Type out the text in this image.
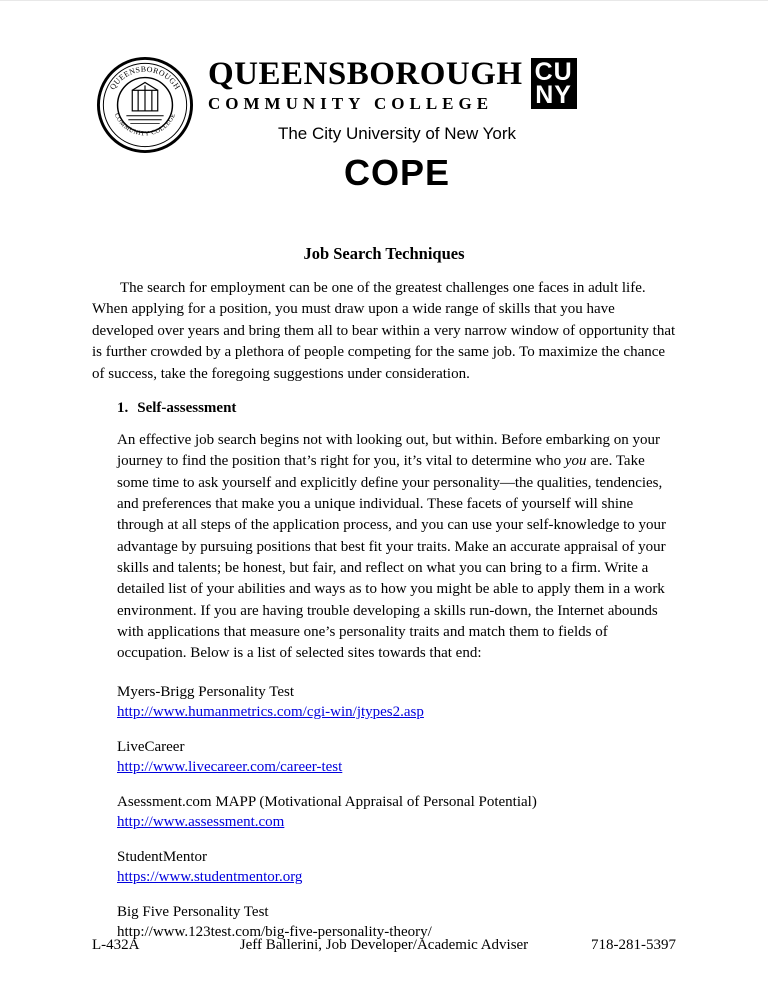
QUEENSBOROUGH
COMMUNITY COLLEGE
QUEENSBOROUGH
COMMUNITY COLLEGE
CU
NY
The City University of New York
COPE
Job Search Techniques

The search for employment can be one of the greatest challenges one faces in adult life. When applying for a position, you must draw upon a wide range of skills that you have developed over years and bring them all to bear within a very narrow window of opportunity that is further crowded by a plethora of people competing for the same job. To maximize the chance of success, take the foregoing suggestions under consideration.

1. Self-assessment

An effective job search begins not with looking out, but within. Before embarking on your journey to find the position that’s right for you, it’s vital to determine who you are. Take some time to ask yourself and explicitly define your personality—the qualities, tendencies, and preferences that make you a unique individual. These facets of yourself will shine through at all steps of the application process, and you can use your self-knowledge to your advantage by pursuing positions that best fit your traits. Make an accurate appraisal of your skills and talents; be honest, but fair, and reflect on what you can bring to a firm. Write a detailed list of your abilities and ways as to how you might be able to apply them in a work environment. If you are having trouble developing a skills run-down, the Internet abounds with applications that measure one’s personality traits and match them to fields of occupation. Below is a list of selected sites towards that end:

Myers-Brigg Personality Test
http://www.humanmetrics.com/cgi-win/jtypes2.asp
LiveCareer
http://www.livecareer.com/career-test
Asessment.com MAPP (Motivational Appraisal of Personal Potential)
http://www.assessment.com
StudentMentor
https://www.studentmentor.org
Big Five Personality Test
http://www.123test.com/big-five-personality-theory/
L-432A	Jeff Ballerini, Job Developer/Academic Adviser	718-281-5397
